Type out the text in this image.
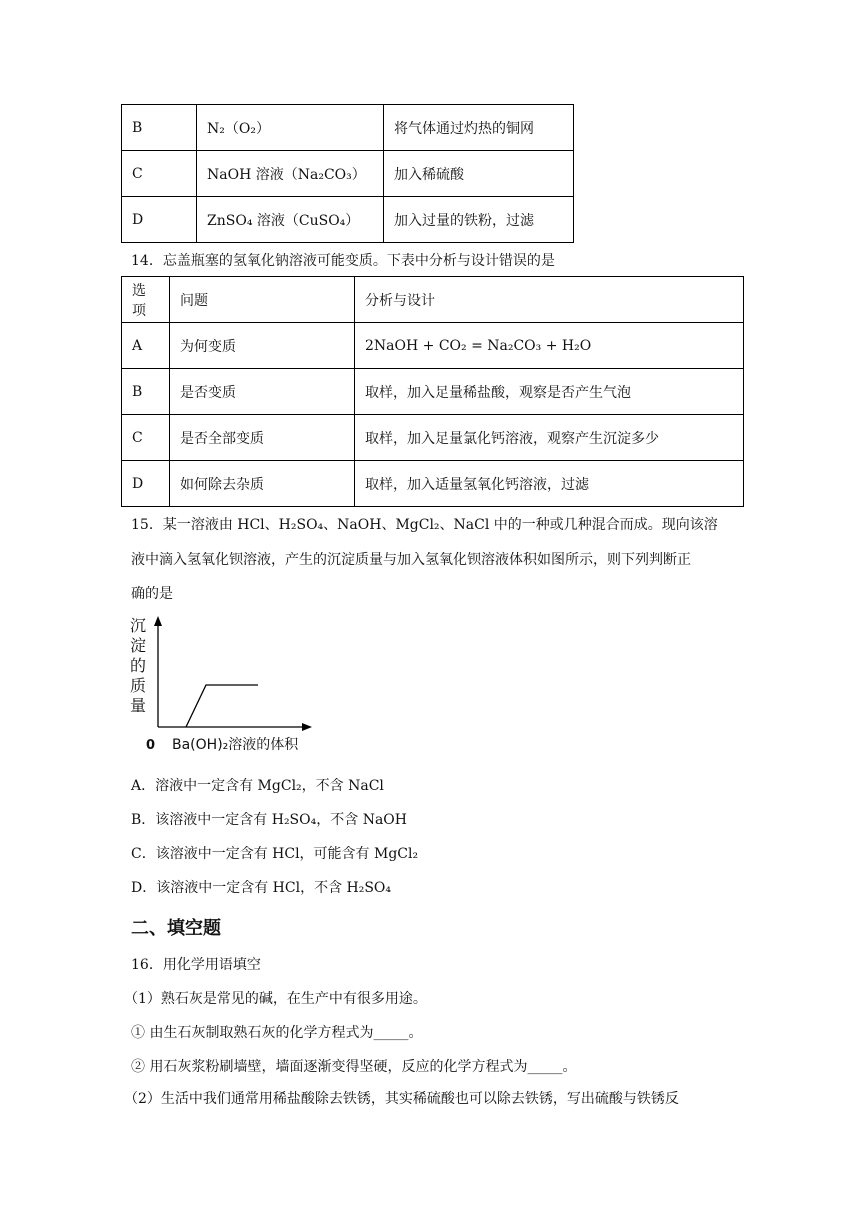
B	N₂（O₂）	将气体通过灼热的铜网
C	NaOH 溶液（Na₂CO₃）	加入稀硫酸
D	ZnSO₄ 溶液（CuSO₄）	加入过量的铁粉，过滤
14．忘盖瓶塞的氢氧化钠溶液可能变质。下表中分析与设计错误的是
选项	问题	分析与设计
A	为何变质	2NaOH + CO₂ = Na₂CO₃ + H₂O
B	是否变质	取样，加入足量稀盐酸，观察是否产生气泡
C	是否全部变质	取样，加入足量氯化钙溶液，观察产生沉淀多少
D	如何除去杂质	取样，加入适量氢氧化钙溶液，过滤
15．某一溶液由 HCl、H₂SO₄、NaOH、MgCl₂、NaCl 中的一种或几种混合而成。现向该溶
液中滴入氢氧化钡溶液，产生的沉淀质量与加入氢氧化钡溶液体积如图所示，则下列判断正
确的是
沉
淀
的
质
量
0 Ba(OH)₂溶液的体积
A．溶液中一定含有 MgCl₂，不含 NaCl
B．该溶液中一定含有 H₂SO₄，不含 NaOH
C．该溶液中一定含有 HCl，可能含有 MgCl₂
D．该溶液中一定含有 HCl，不含 H₂SO₄
二、填空题
16．用化学用语填空
（1）熟石灰是常见的碱，在生产中有很多用途。
① 由生石灰制取熟石灰的化学方程式为_____。
② 用石灰浆粉刷墙壁，墙面逐渐变得坚硬，反应的化学方程式为_____。
（2）生活中我们通常用稀盐酸除去铁锈，其实稀硫酸也可以除去铁锈，写出硫酸与铁锈反
